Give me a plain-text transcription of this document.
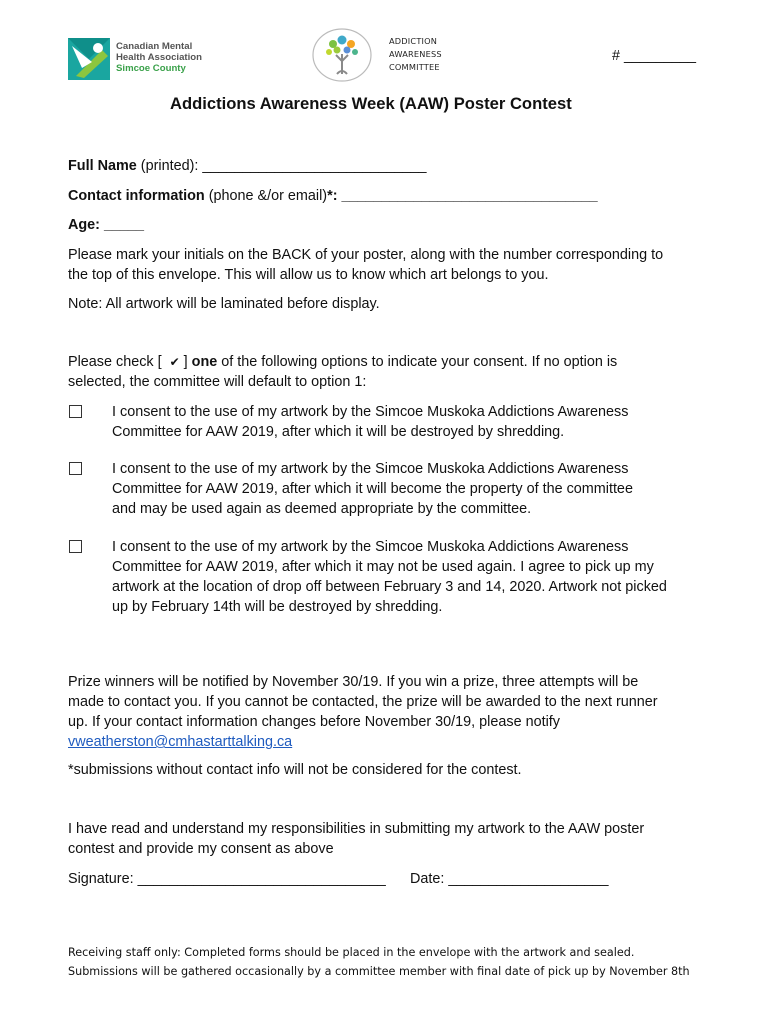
Canadian Mental
Health Association
Simcoe County
ADDICTION
AWARENESS
COMMITTEE
# _________
Addictions Awareness Week (AAW) Poster Contest
Full Name (printed): ____________________________
Contact information (phone &/or email)*: ________________________________
Age: _____
Please mark your initials on the BACK of your poster, along with the number corresponding to
the top of this envelope. This will allow us to know which art belongs to you.
Note: All artwork will be laminated before display.
Please check [  ✔ ] one of the following options to indicate your consent. If no option is
selected, the committee will default to option 1:
I consent to the use of my artwork by the Simcoe Muskoka Addictions Awareness
Committee for AAW 2019, after which it will be destroyed by shredding.
I consent to the use of my artwork by the Simcoe Muskoka Addictions Awareness
Committee for AAW 2019, after which it will become the property of the committee
and may be used again as deemed appropriate by the committee.
I consent to the use of my artwork by the Simcoe Muskoka Addictions Awareness
Committee for AAW 2019, after which it may not be used again. I agree to pick up my
artwork at the location of drop off between February 3 and 14, 2020. Artwork not picked
up by February 14th will be destroyed by shredding.
Prize winners will be notified by November 30/19. If you win a prize, three attempts will be
made to contact you. If you cannot be contacted, the prize will be awarded to the next runner
up. If your contact information changes before November 30/19, please notify
vweatherston@cmhastarttalking.ca
*submissions without contact info will not be considered for the contest.
I have read and understand my responsibilities in submitting my artwork to the AAW poster
contest and provide my consent as above
Signature: _______________________________ Date: ____________________
Receiving staff only: Completed forms should be placed in the envelope with the artwork and sealed.
Submissions will be gathered occasionally by a committee member with final date of pick up by November 8th
